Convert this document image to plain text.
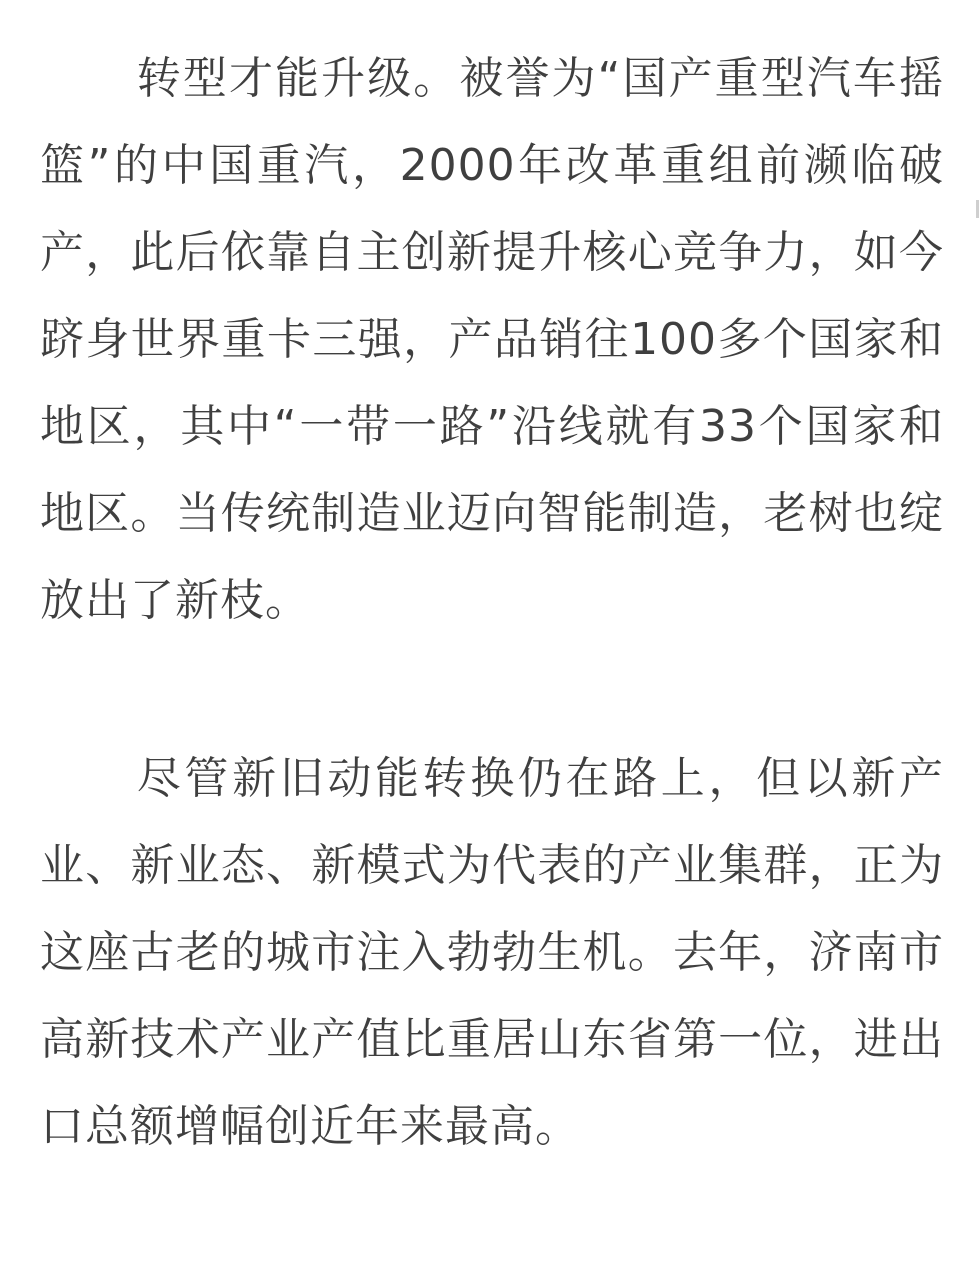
转型才能升级。被誉为“国产重型汽车摇篮”的中国重汽，2000年改革重组前濒临破产，此后依靠自主创新提升核心竞争力，如今跻身世界重卡三强，产品销往100多个国家和地区，其中“一带一路”沿线就有33个国家和地区。当传统制造业迈向智能制造，老树也绽放出了新枝。

尽管新旧动能转换仍在路上，但以新产业、新业态、新模式为代表的产业集群，正为这座古老的城市注入勃勃生机。去年，济南市高新技术产业产值比重居山东省第一位，进出口总额增幅创近年来最高。
